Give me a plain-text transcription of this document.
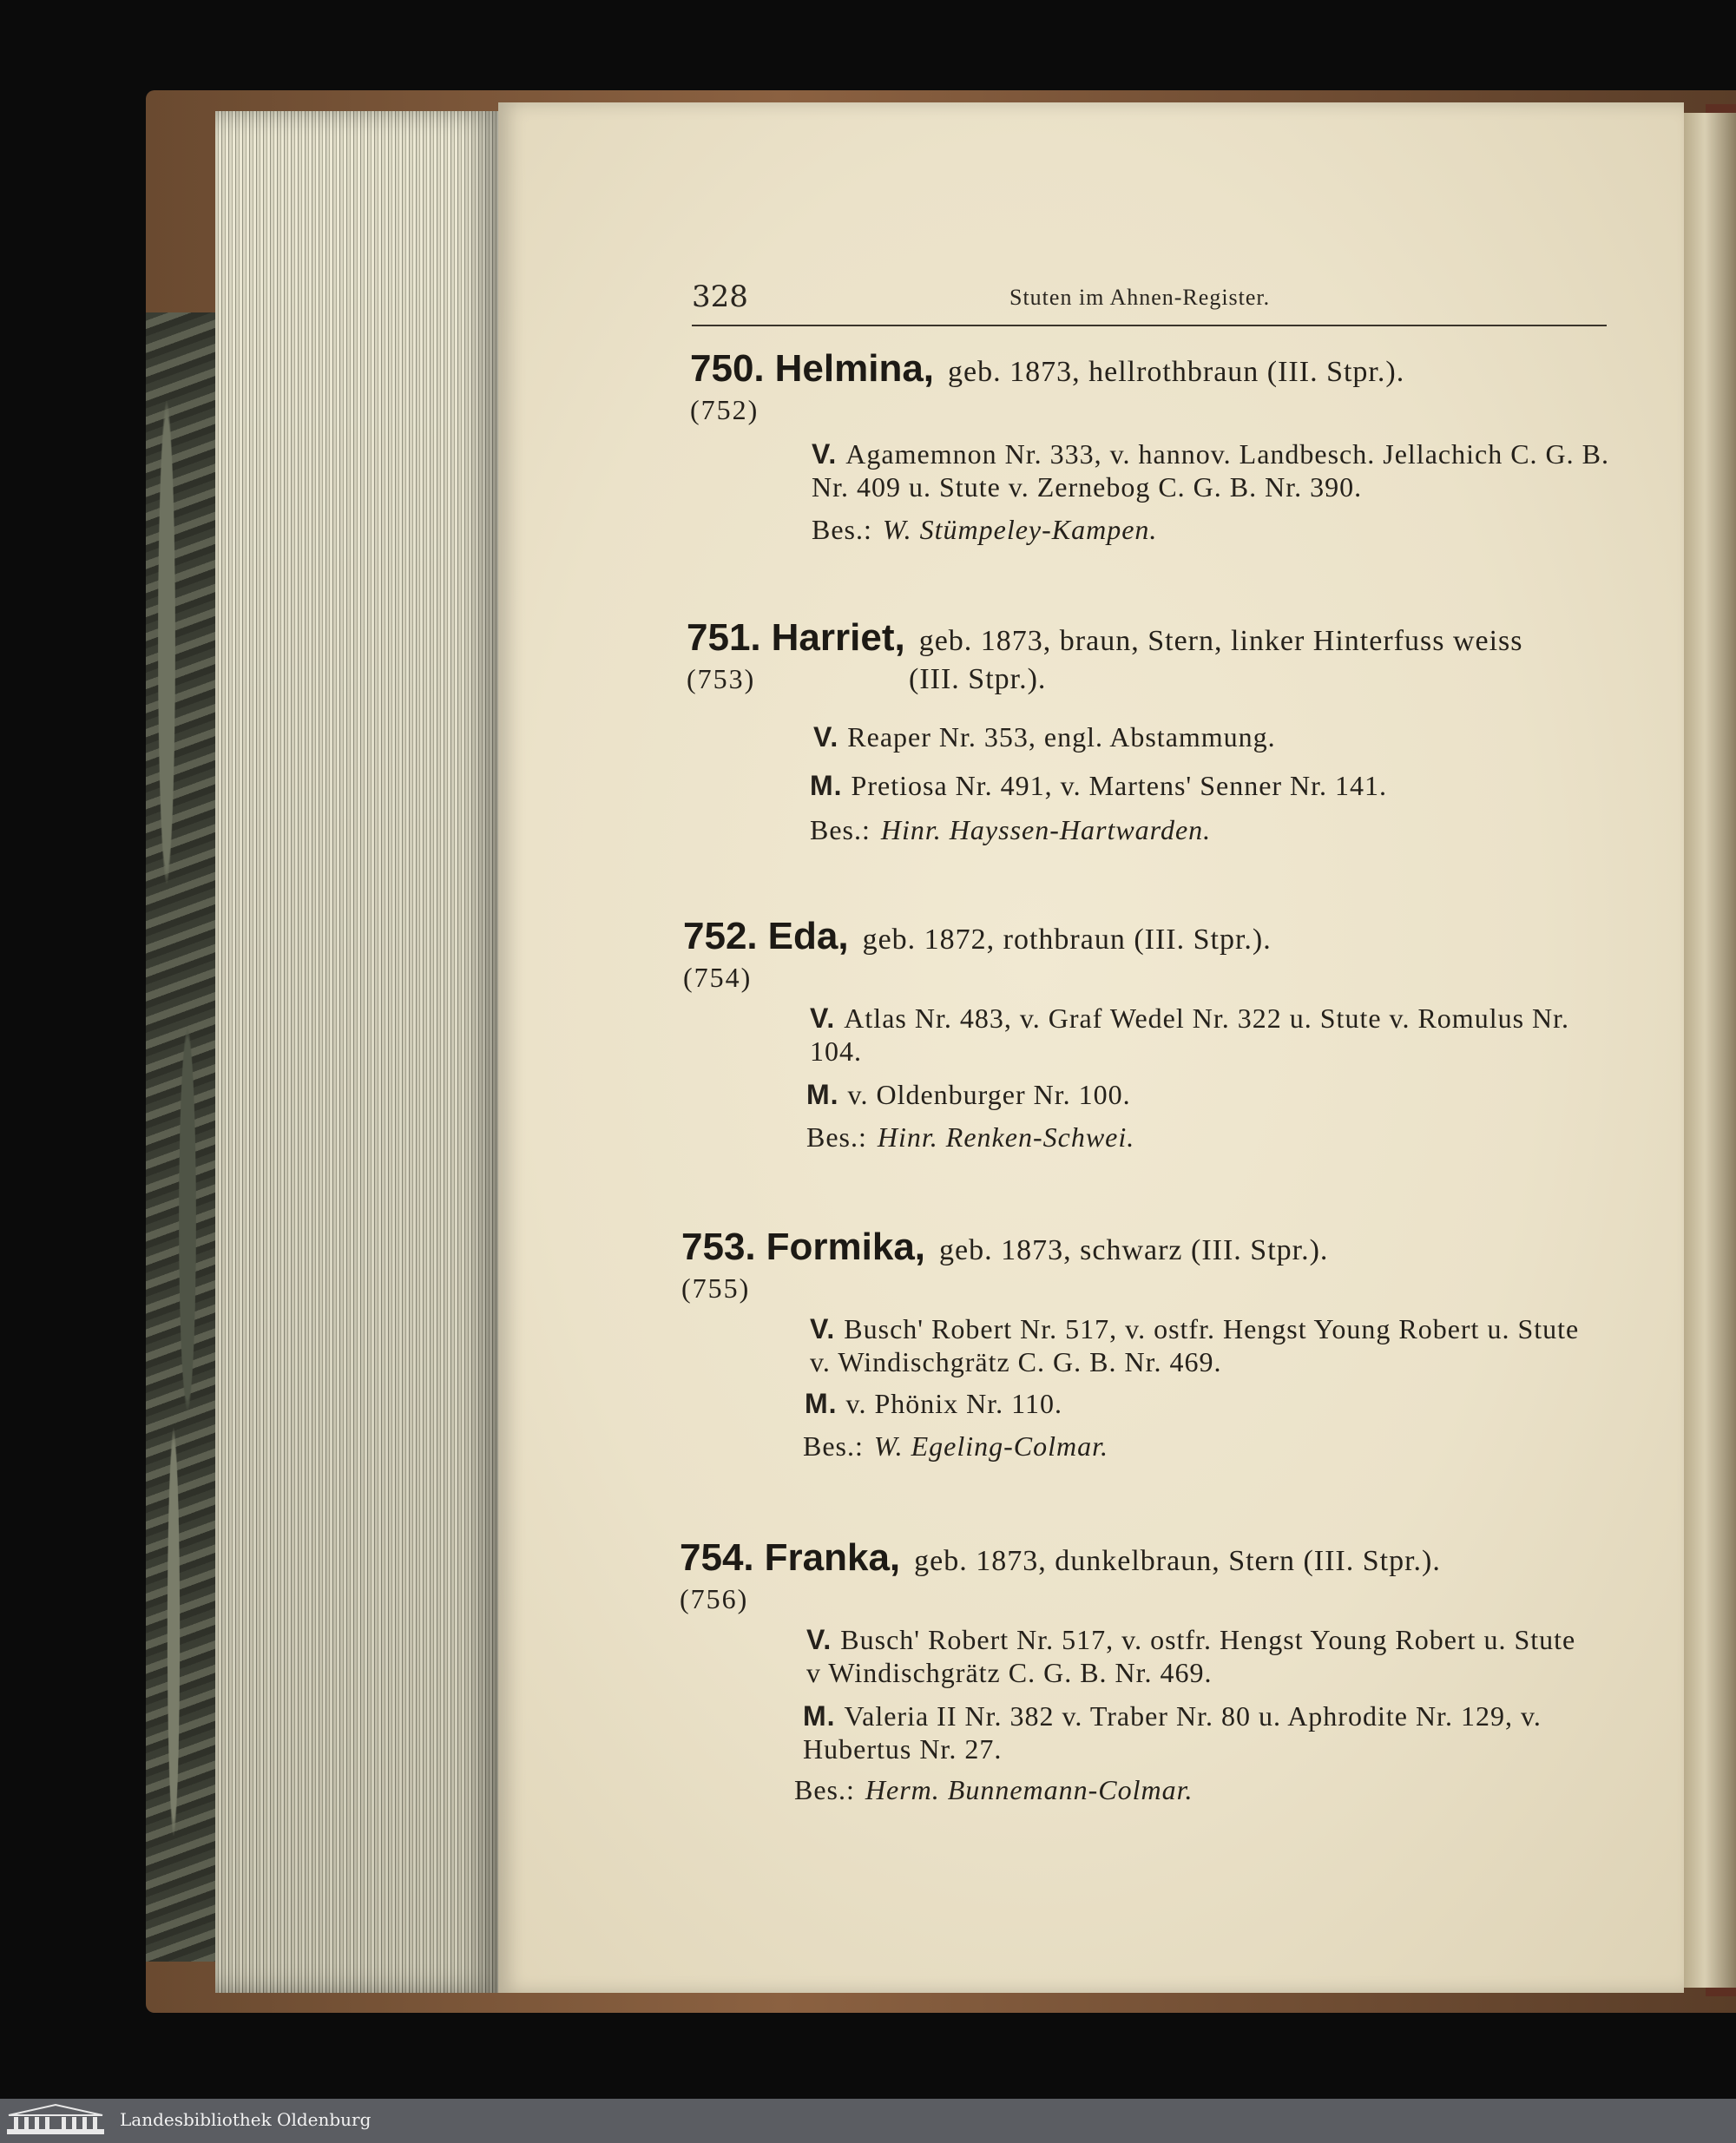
328	Stuten im Ahnen-Register.
750. Helmina, geb. 1873, hellrothbraun (III. Stpr.).
(752)
V. Agamemnon Nr. 333, v. hannov. Landbesch. Jellachich C. G. B. Nr. 409 u. Stute v. Zernebog C. G. B. Nr. 390.
Bes.: W. Stümpeley-Kampen.
751. Harriet, geb. 1873, braun, Stern, linker Hinterfuss weiss
(753)	(III. Stpr.).
V. Reaper Nr. 353, engl. Abstammung.
M. Pretiosa Nr. 491, v. Martens' Senner Nr. 141.
Bes.: Hinr. Hayssen-Hartwarden.
752. Eda, geb. 1872, rothbraun (III. Stpr.).
(754)
V. Atlas Nr. 483, v. Graf Wedel Nr. 322 u. Stute v. Romulus Nr. 104.
M. v. Oldenburger Nr. 100.
Bes.: Hinr. Renken-Schwei.
753. Formika, geb. 1873, schwarz (III. Stpr.).
(755)
V. Busch' Robert Nr. 517, v. ostfr. Hengst Young Robert u. Stute v. Windischgrätz C. G. B. Nr. 469.
M. v. Phönix Nr. 110.
Bes.: W. Egeling-Colmar.
754. Franka, geb. 1873, dunkelbraun, Stern (III. Stpr.).
(756)
V. Busch' Robert Nr. 517, v. ostfr. Hengst Young Robert u. Stute v Windischgrätz C. G. B. Nr. 469.
M. Valeria II Nr. 382 v. Traber Nr. 80 u. Aphrodite Nr. 129, v. Hubertus Nr. 27.
Bes.: Herm. Bunnemann-Colmar.
Landesbibliothek Oldenburg
